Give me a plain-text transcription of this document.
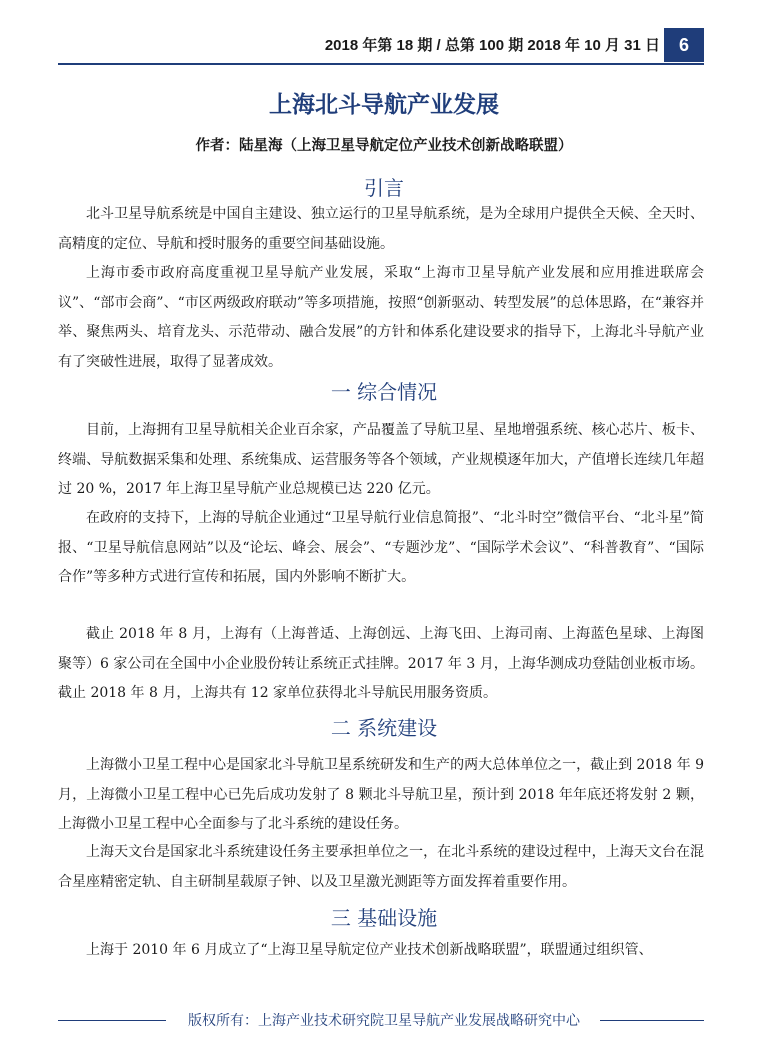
2018 年第 18 期 / 总第 100 期 2018 年 10 月 31 日	6
上海北斗导航产业发展
作者：陆星海（上海卫星导航定位产业技术创新战略联盟）
引言

北斗卫星导航系统是中国自主建设、独立运行的卫星导航系统，是为全球用户提供全天候、全天时、高精度的定位、导航和授时服务的重要空间基础设施。

上海市委市政府高度重视卫星导航产业发展，采取“上海市卫星导航产业发展和应用推进联席会议”、“部市会商”、“市区两级政府联动”等多项措施，按照“创新驱动、转型发展”的总体思路，在“兼容并举、聚焦两头、培育龙头、示范带动、融合发展”的方针和体系化建设要求的指导下，上海北斗导航产业有了突破性进展，取得了显著成效。

一 综合情况

目前，上海拥有卫星导航相关企业百余家，产品覆盖了导航卫星、星地增强系统、核心芯片、板卡、终端、导航数据采集和处理、系统集成、运营服务等各个领域，产业规模逐年加大，产值增长连续几年超过 20 %，2017 年上海卫星导航产业总规模已达 220 亿元。

在政府的支持下，上海的导航企业通过“卫星导航行业信息简报”、“北斗时空”微信平台、“北斗星”简报、“卫星导航信息网站”以及“论坛、峰会、展会”、“专题沙龙”、“国际学术会议”、“科普教育”、“国际合作”等多种方式进行宣传和拓展，国内外影响不断扩大。

截止 2018 年 8 月，上海有（上海普适、上海创远、上海飞田、上海司南、上海蓝色星球、上海图聚等）6 家公司在全国中小企业股份转让系统正式挂牌。2017 年 3 月，上海华测成功登陆创业板市场。截止 2018 年 8 月，上海共有 12 家单位获得北斗导航民用服务资质。

二 系统建设

上海微小卫星工程中心是国家北斗导航卫星系统研发和生产的两大总体单位之一，截止到 2018 年 9 月，上海微小卫星工程中心已先后成功发射了 8 颗北斗导航卫星，预计到 2018 年年底还将发射 2 颗，上海微小卫星工程中心全面参与了北斗系统的建设任务。

上海天文台是国家北斗系统建设任务主要承担单位之一，在北斗系统的建设过程中，上海天文台在混合星座精密定轨、自主研制星载原子钟、以及卫星激光测距等方面发挥着重要作用。

三 基础设施

上海于 2010 年 6 月成立了“上海卫星导航定位产业技术创新战略联盟”，联盟通过组织管、

版权所有：上海产业技术研究院卫星导航产业发展战略研究中心
